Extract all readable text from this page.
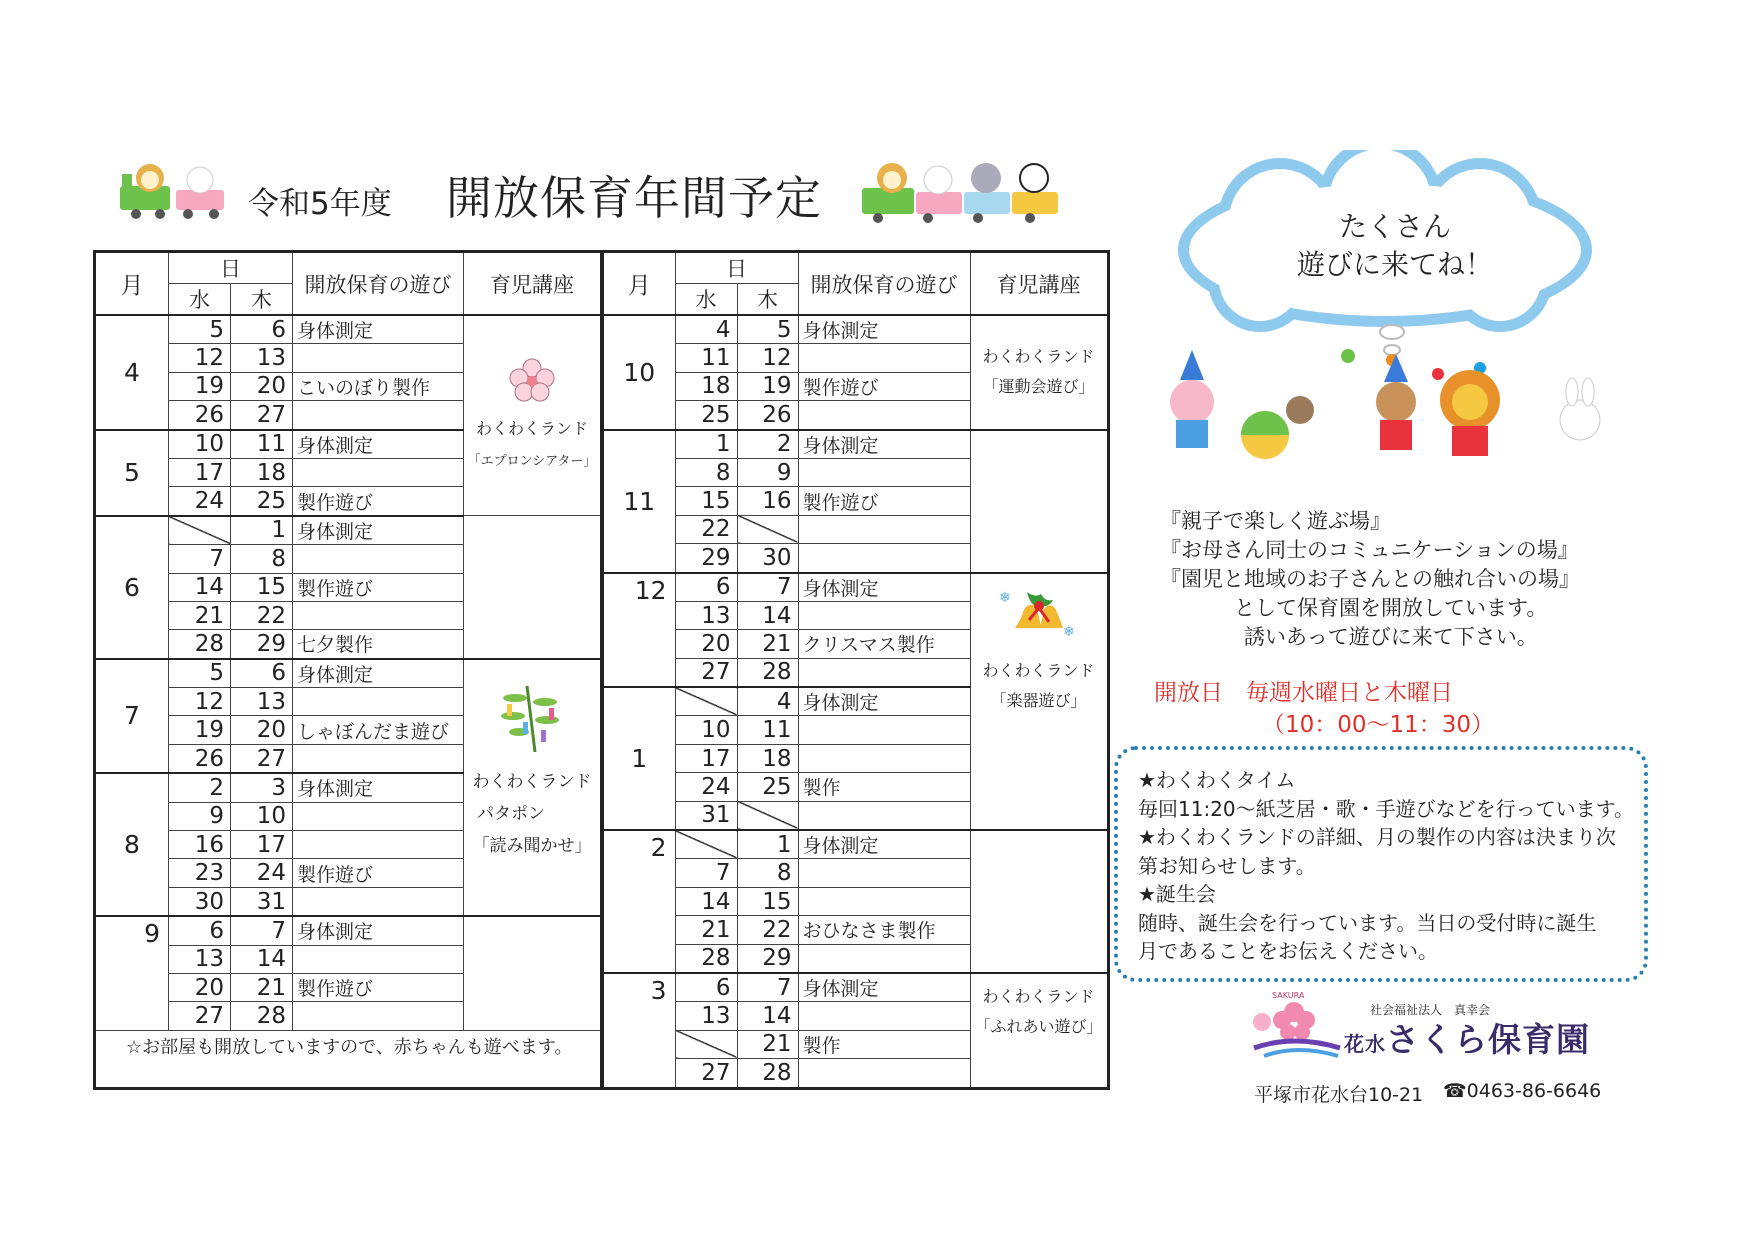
令和5年度 開放保育年間予定
月	日		開放保育の遊び	育児講座
	水	木		
4	5	6	身体測定	わくわくランド
「エプロンシアター」
	12	13		
	19	20	こいのぼり製作	
	26	27		
5	10	11	身体測定	
	17	18		
	24	25	製作遊び	
6		1	身体測定	
	7	8		
	14	15	製作遊び	
	21	22		
	28	29	七夕製作	
7	5	6	身体測定	わくわくランド
パタポン
「読み聞かせ」
	12	13		
	19	20	しゃぼんだま遊び	
	26	27		
8	2	3	身体測定	
	9	10		
	16	17		
	23	24	製作遊び	
	30	31		
9	6	7	身体測定	
	13	14		
	20	21	製作遊び	
	27	28		
☆お部屋も開放していますので、赤ちゃんも遊べます。				
月	日		開放保育の遊び	育児講座
	水	木		
10	4	5	身体測定	わくわくランド
「運動会遊び」
	11	12		
	18	19	製作遊び	
	25	26		
11	1	2	身体測定	
	8	9		
	15	16	製作遊び	
	22			
	29	30		
12	6	7	身体測定	❄
❄
わくわくランド
「楽器遊び」
	13	14		
	20	21	クリスマス製作	
	27	28		
1		4	身体測定	
	10	11		
	17	18		
	24	25	製作	
	31			
2		1	身体測定	
	7	8		
	14	15		
	21	22	おひなさま製作	
	28	29		
3	6	7	身体測定	わくわくランド
「ふれあい遊び」
	13	14		
		21	製作	
	27	28		
たくさん
遊びに来てね！
『親子で楽しく遊ぶ場』
『お母さん同士のコミュニケーションの場』
『園児と地域のお子さんとの触れ合いの場』
として保育園を開放しています。
誘いあって遊びに来て下さい。
開放日　毎週水曜日と木曜日
（10：00～11：30）
★わくわくタイム
毎回11:20～紙芝居・歌・手遊びなどを行っています。
★わくわくランドの詳細、月の製作の内容は決まり次
第お知らせします。
★誕生会
随時、誕生会を行っています。当日の受付時に誕生
月であることをお伝えください。
SAKURA
社会福祉法人　真幸会
花水さくら保育園
平塚市花水台10-21 ☎0463-86-6646
